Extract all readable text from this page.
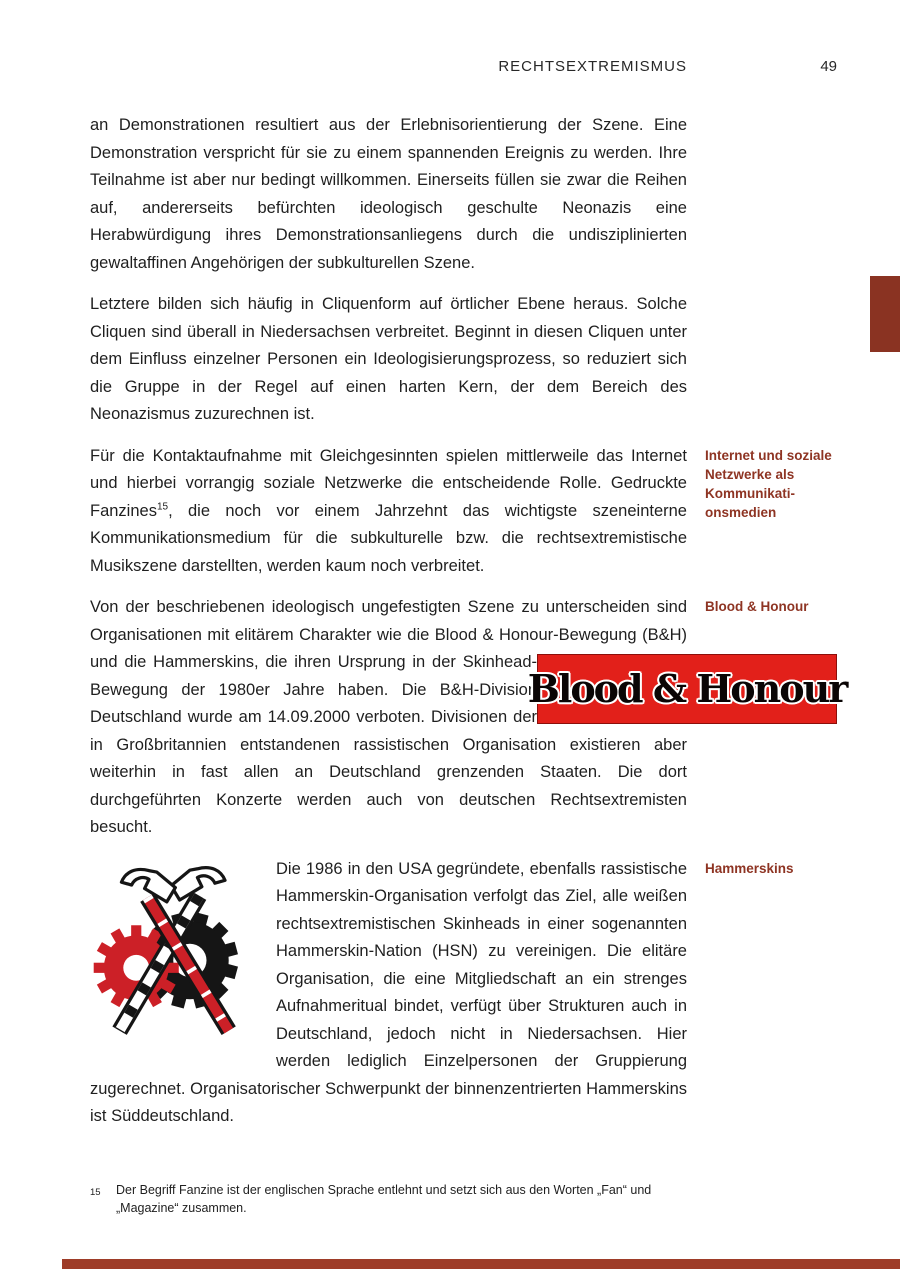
RECHTSEXTREMISMUS	49

an Demonstrationen resultiert aus der Erlebnisorientierung der Szene. Eine Demonstration verspricht für sie zu einem spannenden Ereignis zu werden. Ihre Teilnahme ist aber nur bedingt willkommen. Einerseits füllen sie zwar die Reihen auf, andererseits befürchten ideologisch geschulte Neonazis eine Herabwürdigung ihres Demonstrationsanliegens durch die undisziplinierten gewaltaffinen Angehörigen der subkulturellen Szene.

Letztere bilden sich häufig in Cliquenform auf örtlicher Ebene heraus. Solche Cliquen sind überall in Niedersachsen verbreitet. Beginnt in diesen Cliquen unter dem Einfluss einzelner Personen ein Ideologisierungsprozess, so reduziert sich die Gruppe in der Regel auf einen harten Kern, der dem Bereich des Neonazismus zuzurechnen ist.

Für die Kontaktaufnahme mit Gleichgesinnten spielen mittlerweile das Internet und hierbei vorrangig soziale Netzwerke die entscheidende Rolle. Gedruckte Fanzines$^{15}$, die noch vor einem Jahrzehnt das wichtigste szeneinterne Kommunikationsmedium für die subkulturelle bzw. die rechtsextremistische Musikszene darstellten, werden kaum noch verbreitet.

Von der beschriebenen ideologisch ungefestigten Szene zu unterscheiden sind Organisationen mit elitärem Charakter wie die Blood & Honour-Bewegung (B&H) und die Hammerskins, die ihren Ursprung in der Skinhead-
Blood & Honour
Bewegung der 1980er Jahre haben. Die B&H-Division Deutschland wurde am 14.09.2000 verboten. Divisionen der in Großbritannien entstandenen rassistischen Organisation existieren aber weiterhin in fast allen an Deutschland grenzenden Staaten. Die dort durchgeführten Konzerte werden auch von deutschen Rechtsextremisten besucht.

Die 1986 in den USA gegründete, ebenfalls rassistische Hammerskin-Organisation verfolgt das Ziel, alle weißen rechtsextremistischen Skinheads in einer sogenannten Hammerskin-Nation (HSN) zu vereinigen. Die elitäre Organisation, die eine Mitgliedschaft an ein strenges Aufnahmeritual bindet, verfügt über Strukturen auch in Deutschland, jedoch nicht in Niedersachsen. Hier werden lediglich Einzelpersonen der Gruppierung zugerechnet. Organisatorischer Schwerpunkt der binnenzentrierten Hammerskins ist Süddeutschland.

Internet und soziale Netzwerke als Kommunikationsmedien
Blood & Honour
Hammerskins
15	Der Begriff Fanzine ist der englischen Sprache entlehnt und setzt sich aus den Worten „Fan“ und „Magazine“ zusammen.
